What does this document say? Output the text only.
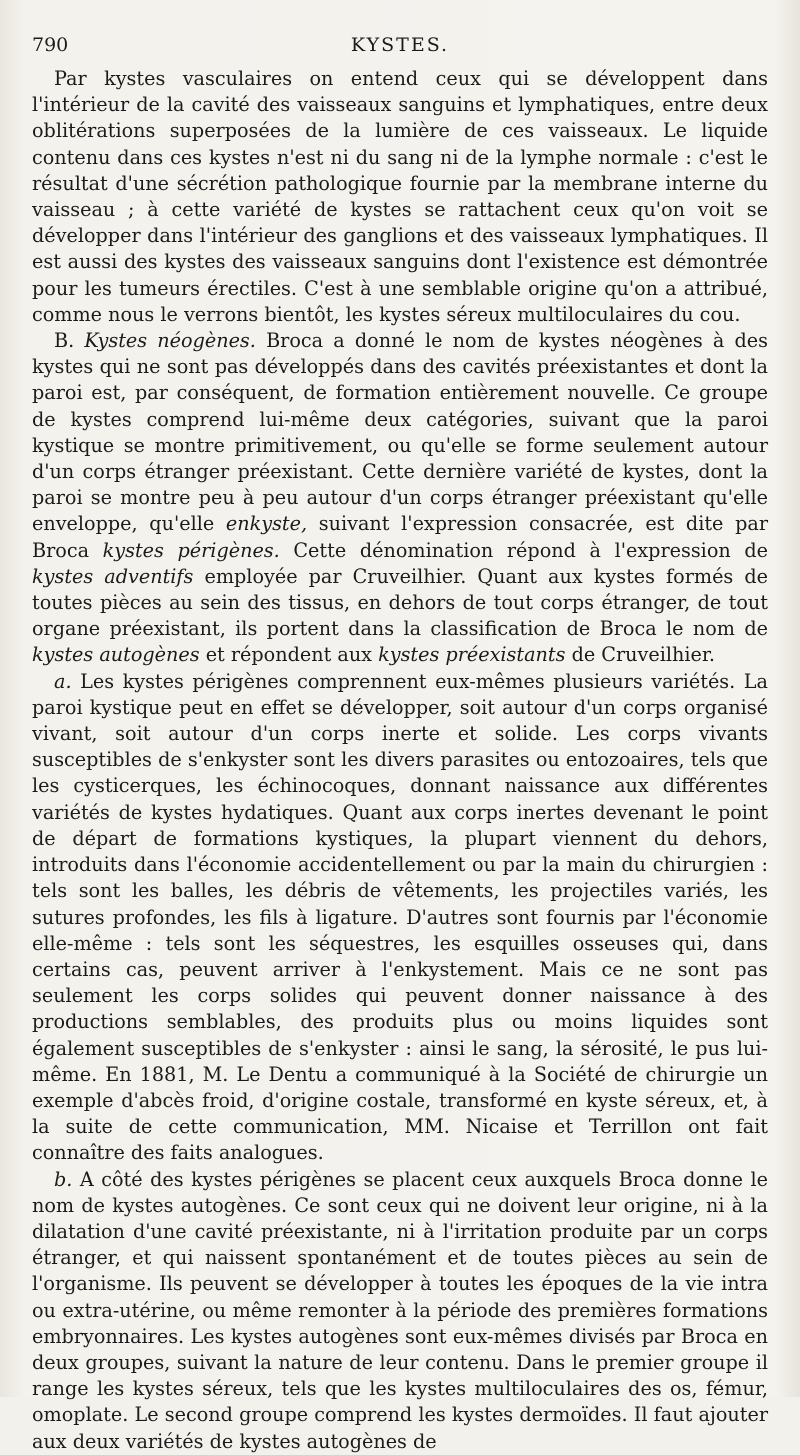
790	KYSTES.

Par kystes vasculaires on entend ceux qui se développent dans l'intérieur de la cavité des vaisseaux sanguins et lymphatiques, entre deux oblitérations superposées de la lumière de ces vaisseaux. Le liquide contenu dans ces kystes n'est ni du sang ni de la lymphe normale : c'est le résultat d'une sécrétion pathologique fournie par la membrane interne du vaisseau ; à cette variété de kystes se rattachent ceux qu'on voit se développer dans l'intérieur des ganglions et des vaisseaux lymphatiques. Il est aussi des kystes des vaisseaux sanguins dont l'existence est démontrée pour les tumeurs érectiles. C'est à une semblable origine qu'on a attribué, comme nous le verrons bientôt, les kystes séreux multiloculaires du cou.

B. Kystes néogènes. Broca a donné le nom de kystes néogènes à des kystes qui ne sont pas développés dans des cavités préexistantes et dont la paroi est, par conséquent, de formation entièrement nouvelle. Ce groupe de kystes comprend lui-même deux catégories, suivant que la paroi kystique se montre primitivement, ou qu'elle se forme seulement autour d'un corps étranger préexistant. Cette dernière variété de kystes, dont la paroi se montre peu à peu autour d'un corps étranger préexistant qu'elle enveloppe, qu'elle enkyste, suivant l'expression consacrée, est dite par Broca kystes périgènes. Cette dénomination répond à l'expression de kystes adventifs employée par Cruveilhier. Quant aux kystes formés de toutes pièces au sein des tissus, en dehors de tout corps étranger, de tout organe préexistant, ils portent dans la classification de Broca le nom de kystes autogènes et répondent aux kystes préexistants de Cruveilhier.

a. Les kystes périgènes comprennent eux-mêmes plusieurs variétés. La paroi kystique peut en effet se développer, soit autour d'un corps organisé vivant, soit autour d'un corps inerte et solide. Les corps vivants susceptibles de s'enkyster sont les divers parasites ou entozoaires, tels que les cysticerques, les échinocoques, donnant naissance aux différentes variétés de kystes hydatiques. Quant aux corps inertes devenant le point de départ de formations kystiques, la plupart viennent du dehors, introduits dans l'économie accidentellement ou par la main du chirurgien : tels sont les balles, les débris de vêtements, les projectiles variés, les sutures profondes, les fils à ligature. D'autres sont fournis par l'économie elle-même : tels sont les séquestres, les esquilles osseuses qui, dans certains cas, peuvent arriver à l'enkystement. Mais ce ne sont pas seulement les corps solides qui peuvent donner naissance à des productions semblables, des produits plus ou moins liquides sont également susceptibles de s'enkyster : ainsi le sang, la sérosité, le pus lui-même. En 1881, M. Le Dentu a communiqué à la Société de chirurgie un exemple d'abcès froid, d'origine costale, transformé en kyste séreux, et, à la suite de cette communication, MM. Nicaise et Terrillon ont fait connaître des faits analogues.

b. A côté des kystes périgènes se placent ceux auxquels Broca donne le nom de kystes autogènes. Ce sont ceux qui ne doivent leur origine, ni à la dilatation d'une cavité préexistante, ni à l'irritation produite par un corps étranger, et qui naissent spontanément et de toutes pièces au sein de l'organisme. Ils peuvent se développer à toutes les époques de la vie intra ou extra-utérine, ou même remonter à la période des premières formations embryonnaires. Les kystes autogènes sont eux-mêmes divisés par Broca en deux groupes, suivant la nature de leur contenu. Dans le premier groupe il range les kystes séreux, tels que les kystes multiloculaires des os, fémur, omoplate. Le second groupe comprend les kystes dermoïdes. Il faut ajouter aux deux variétés de kystes autogènes de
